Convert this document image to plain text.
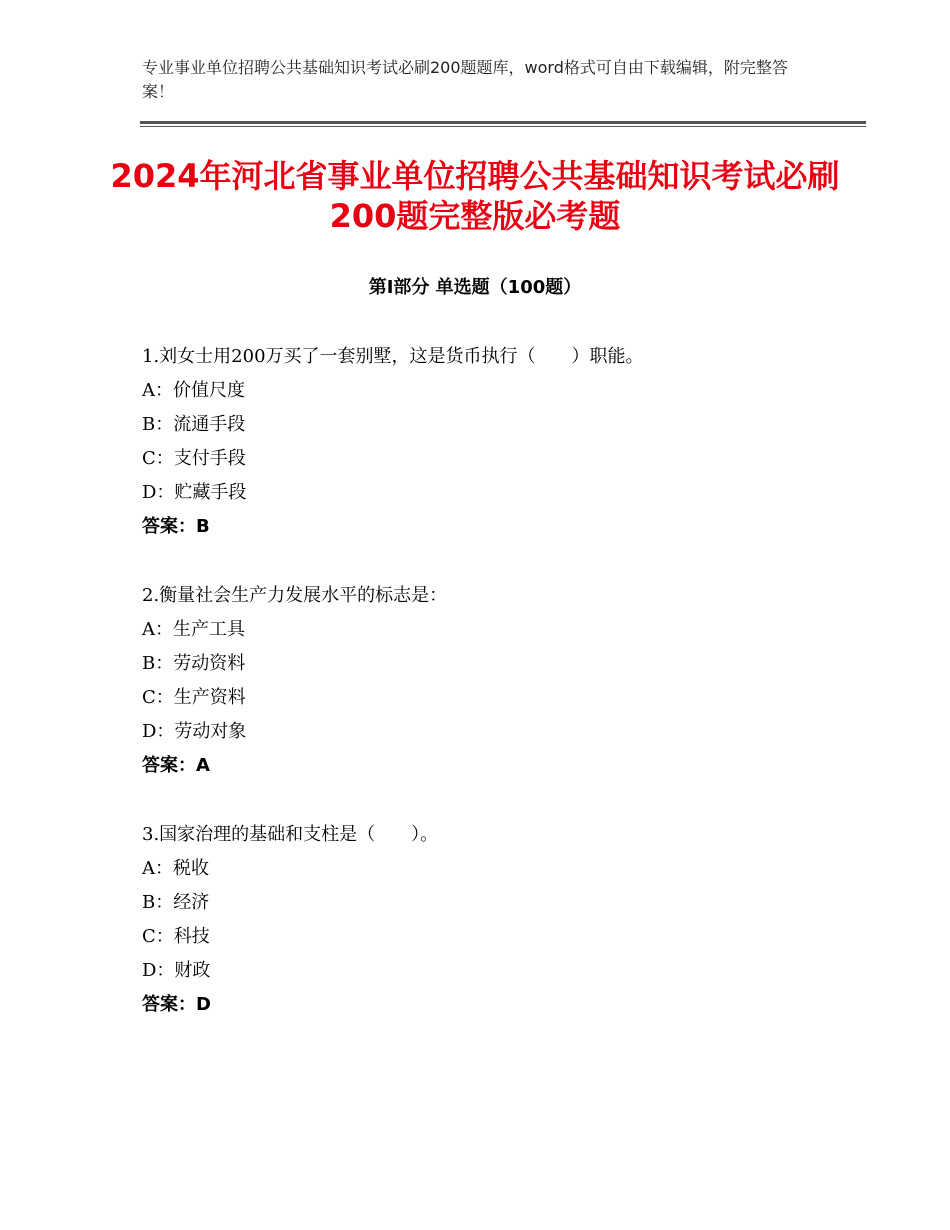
专业事业单位招聘公共基础知识考试必刷200题题库，word格式可自由下载编辑，附完整答案！
2024年河北省事业单位招聘公共基础知识考试必刷200题完整版必考题
第Ⅰ部分 单选题（100题）
1.刘女士用200万买了一套别墅，这是货币执行（　　）职能。
A：价值尺度
B：流通手段
C：支付手段
D：贮藏手段
答案：B
2.衡量社会生产力发展水平的标志是：
A：生产工具
B：劳动资料
C：生产资料
D：劳动对象
答案：A
3.国家治理的基础和支柱是（　　）。
A：税收
B：经济
C：科技
D：财政
答案：D
